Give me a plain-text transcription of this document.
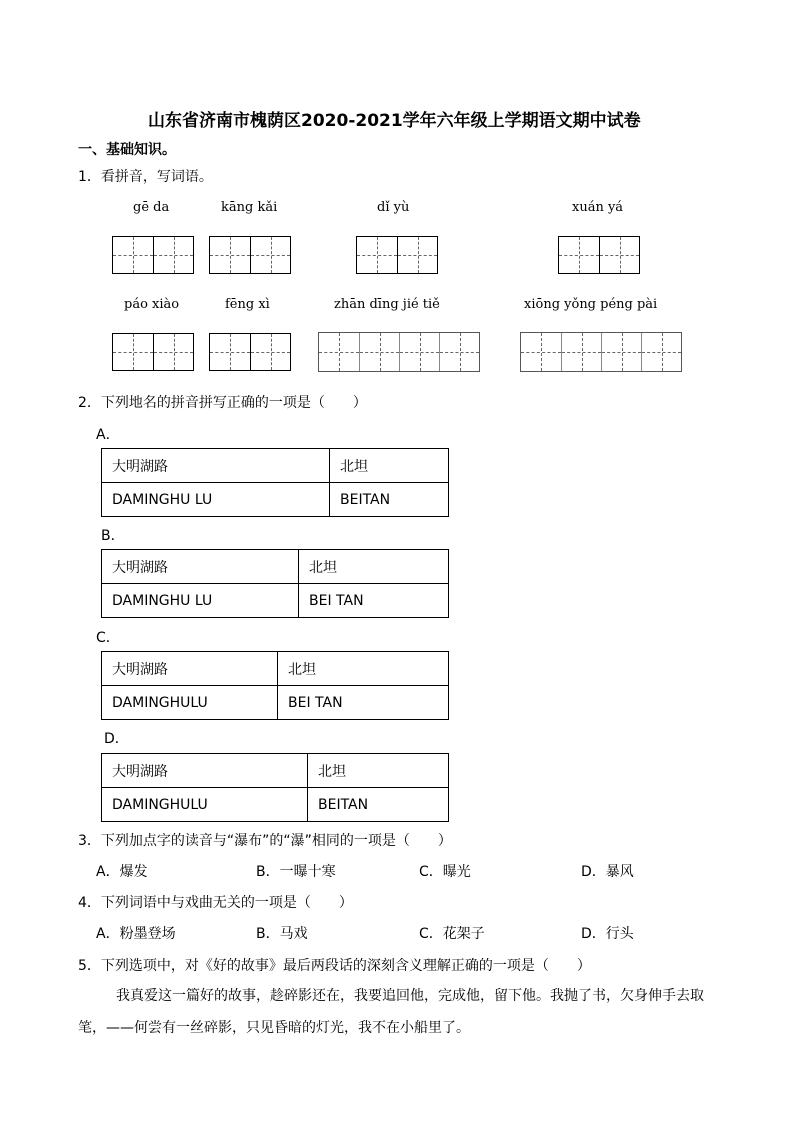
山东省济南市槐荫区2020-2021学年六年级上学期语文期中试卷
一、基础知识。
1．看拼音，写词语。
gē da	kāng kǎi	dǐ yù	xuán yá
páo xiào	fēng xì	zhān dīng jié tiě	xiōng yǒng péng pài
2．下列地名的拼音拼写正确的一项是（　　）
A．
大明湖路	北坦
DAMINGHU LU	BEITAN
B．
大明湖路	北坦
DAMINGHU LU	BEI TAN
C．
大明湖路	北坦
DAMINGHULU	BEI TAN
D．
大明湖路	北坦
DAMINGHULU	BEITAN
3．下列加点字的读音与“瀑布”的“瀑”相同的一项是（　　）
A．爆发	B．一曝十寒	C．曝光	D．暴风
4．下列词语中与戏曲无关的一项是（　　）
A．粉墨登场	B．马戏	C．花架子	D．行头
5．下列选项中，对《好的故事》最后两段话的深刻含义理解正确的一项是（　　）
我真爱这一篇好的故事，趁碎影还在，我要追回他，完成他，留下他。我抛了书，欠身伸手去取
笔，——何尝有一丝碎影，只见昏暗的灯光，我不在小船里了。
